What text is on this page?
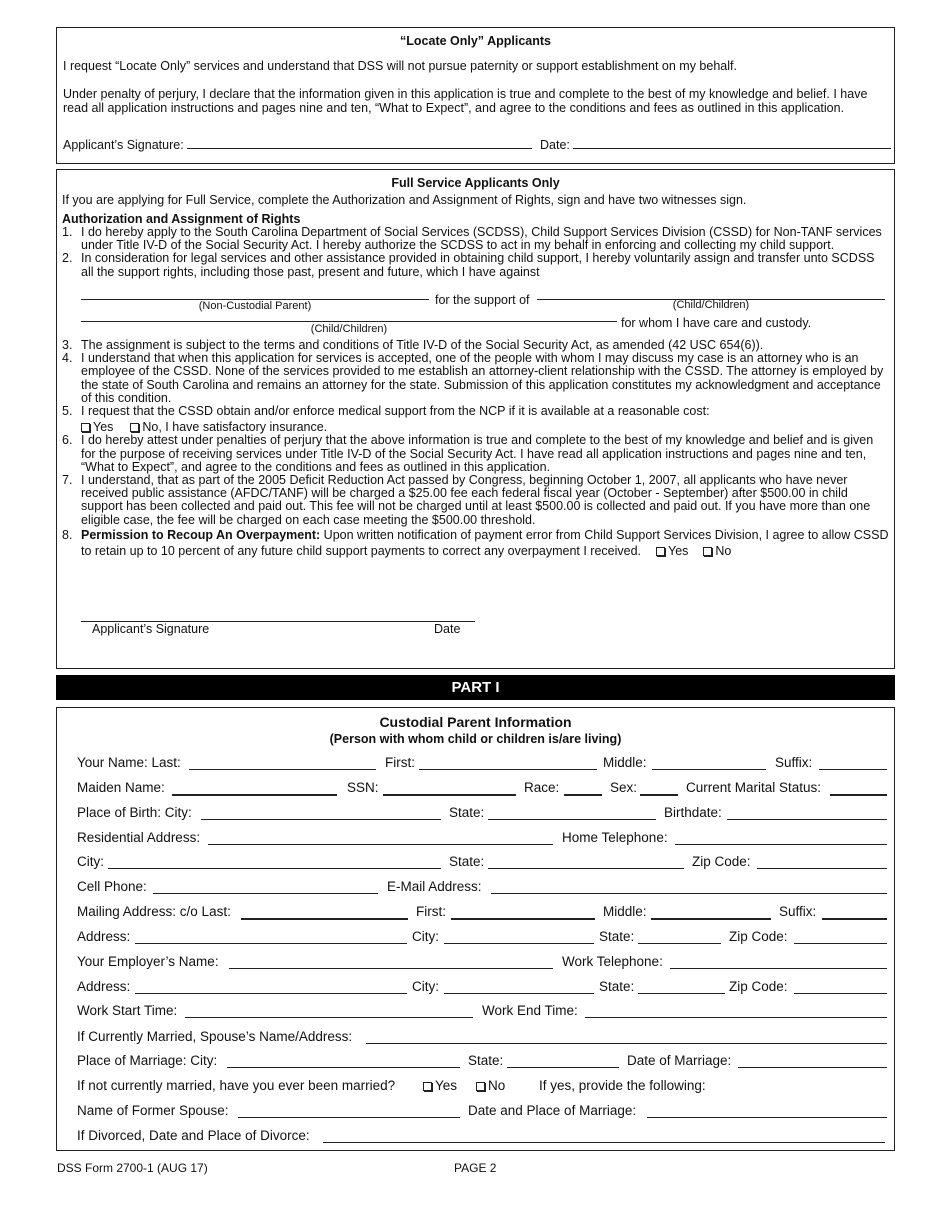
“Locate Only” Applicants
I request “Locate Only” services and understand that DSS will not pursue paternity or support establishment on my behalf.
Under penalty of perjury, I declare that the information given in this application is true and complete to the best of my knowledge and belief. I have read all application instructions and pages nine and ten, “What to Expect”, and agree to the conditions and fees as outlined in this application.
Applicant’s Signature:	Date:
Full Service Applicants Only
If you are applying for Full Service, complete the Authorization and Assignment of Rights, sign and have two witnesses sign.
Authorization and Assignment of Rights
1. I do hereby apply to the South Carolina Department of Social Services (SCDSS), Child Support Services Division (CSSD) for Non-TANF services under Title IV-D of the Social Security Act. I hereby authorize the SCDSS to act in my behalf in enforcing and collecting my child support.
2. In consideration for legal services and other assistance provided in obtaining child support, I hereby voluntarily assign and transfer unto SCDSS all the support rights, including those past, present and future, which I have against
(Non-Custodial Parent)	for the support of	(Child/Children)
(Child/Children)	for whom I have care and custody.
3. The assignment is subject to the terms and conditions of Title IV-D of the Social Security Act, as amended (42 USC 654(6)).
4. I understand that when this application for services is accepted, one of the people with whom I may discuss my case is an attorney who is an employee of the CSSD. None of the services provided to me establish an attorney-client relationship with the CSSD. The attorney is employed by the state of South Carolina and remains an attorney for the state. Submission of this application constitutes my acknowledgment and acceptance of this condition.
5. I request that the CSSD obtain and/or enforce medical support from the NCP if it is available at a reasonable cost:
Yes No, I have satisfactory insurance.
6. I do hereby attest under penalties of perjury that the above information is true and complete to the best of my knowledge and belief and is given for the purpose of receiving services under Title IV-D of the Social Security Act. I have read all application instructions and pages nine and ten, “What to Expect”, and agree to the conditions and fees as outlined in this application.
7. I understand, that as part of the 2005 Deficit Reduction Act passed by Congress, beginning October 1, 2007, all applicants who have never received public assistance (AFDC/TANF) will be charged a $25.00 fee each federal fiscal year (October - September) after $500.00 in child support has been collected and paid out. This fee will not be charged until at least $500.00 is collected and paid out. If you have more than one eligible case, the fee will be charged on each case meeting the $500.00 threshold.
8. Permission to Recoup An Overpayment: Upon written notification of payment error from Child Support Services Division, I agree to allow CSSD to retain up to 10 percent of any future child support payments to correct any overpayment I received. Yes No
Applicant’s Signature	Date
PART I
Custodial Parent Information
(Person with whom child or children is/are living)
Your Name: Last:	First:	Middle:	Suffix:
Maiden Name:	SSN:	Race:	Sex:	Current Marital Status:
Place of Birth: City:	State:	Birthdate:
Residential Address:	Home Telephone:
City:	State:	Zip Code:
Cell Phone:	E-Mail Address:
Mailing Address: c/o Last:	First:	Middle:	Suffix:
Address:	City:	State:	Zip Code:
Your Employer’s Name:	Work Telephone:
Address:	City:	State:	Zip Code:
Work Start Time:	Work End Time:
If Currently Married, Spouse’s Name/Address:
Place of Marriage: City:	State:	Date of Marriage:
If not currently married, have you ever been married?	Yes	No If yes, provide the following:
Name of Former Spouse:	Date and Place of Marriage:
If Divorced, Date and Place of Divorce:
DSS Form 2700-1 (AUG 17)	PAGE 2
